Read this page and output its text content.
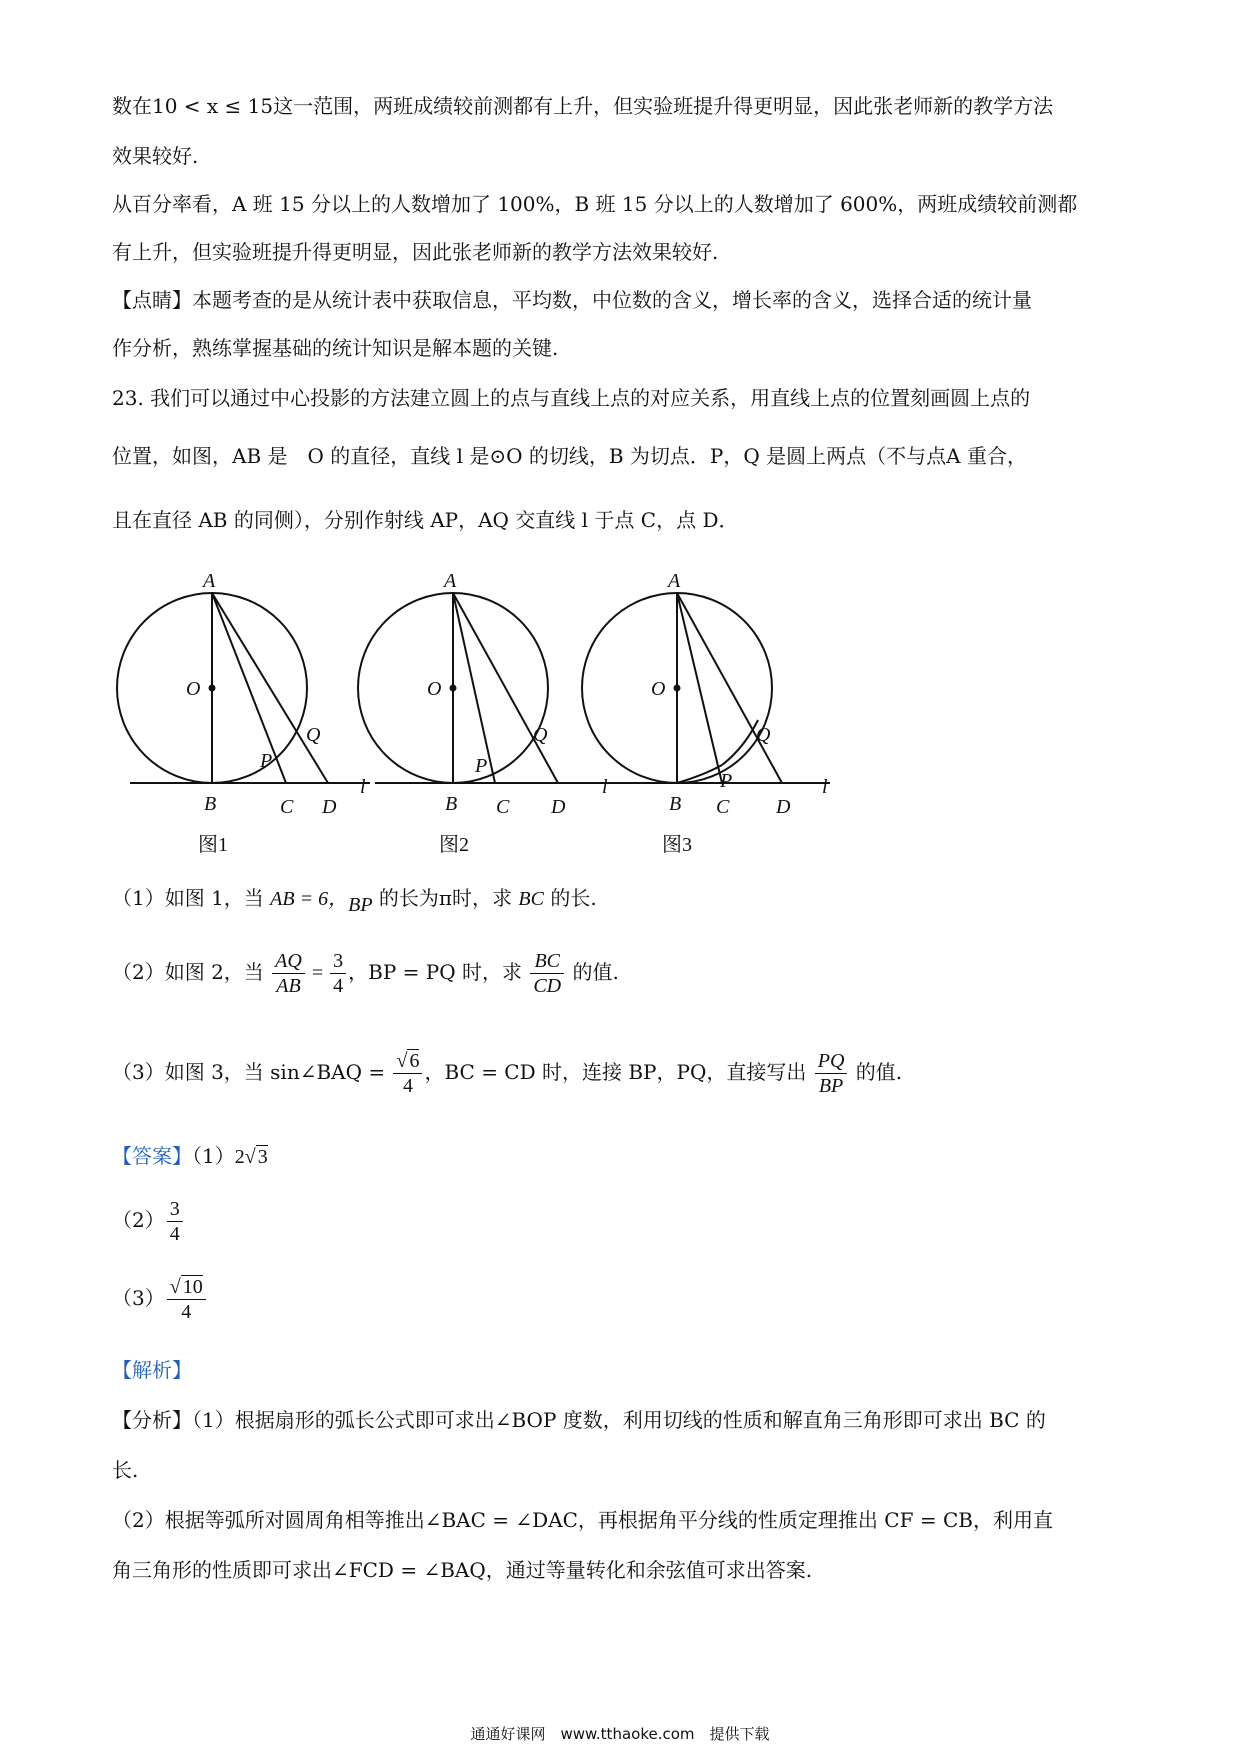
数在10 < x ≤ 15这一范围，两班成绩较前测都有上升，但实验班提升得更明显，因此张老师新的教学方法
效果较好.
从百分率看，A 班 15 分以上的人数增加了 100%，B 班 15 分以上的人数增加了 600%，两班成绩较前测都
有上升，但实验班提升得更明显，因此张老师新的教学方法效果较好.
【点睛】本题考查的是从统计表中获取信息，平均数，中位数的含义，增长率的含义，选择合适的统计量
作分析，熟练掌握基础的统计知识是解本题的关键.
23. 我们可以通过中心投影的方法建立圆上的点与直线上点的对应关系，用直线上点的位置刻画圆上点的
位置，如图，AB 是　O 的直径，直线 l 是⊙O 的切线，B 为切点．P，Q 是圆上两点（不与点A 重合，
且在直径 AB 的同侧），分别作射线 AP，AQ 交直线 l 于点 C，点 D．
A
O
B	C D
P
Q
l
A
O
B C D
P
Q
l
A
O
B C D
P
Q
l
图1	图2	图3
（1）如图 1，当 AB = 6，BP 的长为π时，求 BC 的长.
（2）如图 2，当 $\frac{AQ}{AB} = \frac{3}{4}$ ，BP = PQ 时，求 $\frac{BC}{CD}$ 的值.
（3）如图 3，当 sin∠BAQ = $\frac{√ 6}{4}$ ，BC = CD 时，连接 BP，PQ，直接写出 $\frac{PQ}{BP}$ 的值.
【答案】（1）2√ 3
$(2) \frac{3}{4}$
$(3) \frac{√ 10}{4}$
【解析】
【分析】（1）根据扇形的弧长公式即可求出∠BOP 度数，利用切线的性质和解直角三角形即可求出 BC 的
长.
（2）根据等弧所对圆周角相等推出∠BAC = ∠DAC，再根据角平分线的性质定理推出 CF = CB，利用直
角三角形的性质即可求出∠FCD = ∠BAQ，通过等量转化和余弦值可求出答案.
通通好课网　www.tthaoke.com　提供下载
